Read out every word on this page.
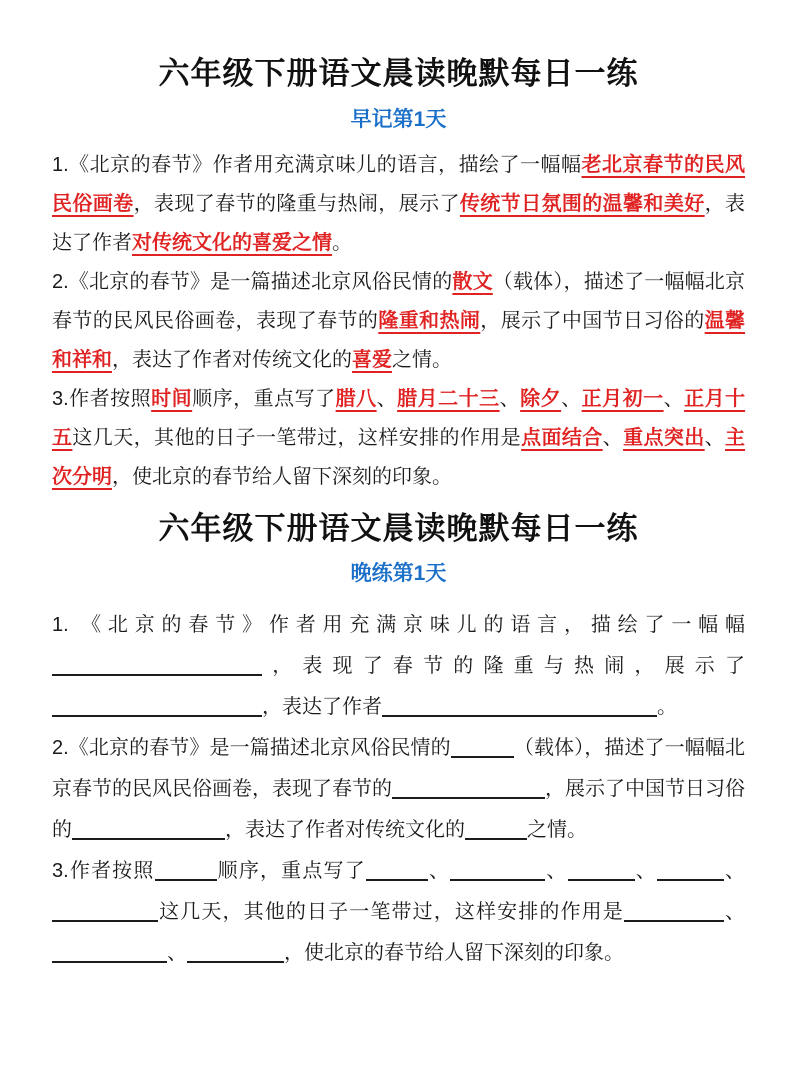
六年级下册语文晨读晚默每日一练
早记第1天

1.《北京的春节》作者用充满京味儿的语言，描绘了一幅幅老北京春节的民风民俗画卷，表现了春节的隆重与热闹，展示了传统节日氛围的温馨和美好，表达了作者对传统文化的喜爱之情。

2.《北京的春节》是一篇描述北京风俗民情的散文（载体），描述了一幅幅北京春节的民风民俗画卷，表现了春节的隆重和热闹，展示了中国节日习俗的温馨和祥和，表达了作者对传统文化的喜爱之情。

3.作者按照时间顺序，重点写了腊八、腊月二十三、除夕、正月初一、正月十五这几天，其他的日子一笔带过，这样安排的作用是点面结合、重点突出、主次分明，使北京的春节给人留下深刻的印象。

六年级下册语文晨读晚默每日一练
晚练第1天

1. 《北京的春节》作者用充满京味儿的语言，描绘了一幅幅，表现了春节的隆重与热闹，展示了，表达了作者	。

2.《北京的春节》是一篇描述北京风俗民情的	（载体），描述了一幅幅北京春节的民风民俗画卷，表现了春节的	，展示了中国节日习俗的	，表达了作者对传统文化的	之情。

3.作者按照	顺序，重点写了	、	、	、	、这几天，其他的日子一笔带过，这样安排的作用是	、、	，使北京的春节给人留下深刻的印象。
